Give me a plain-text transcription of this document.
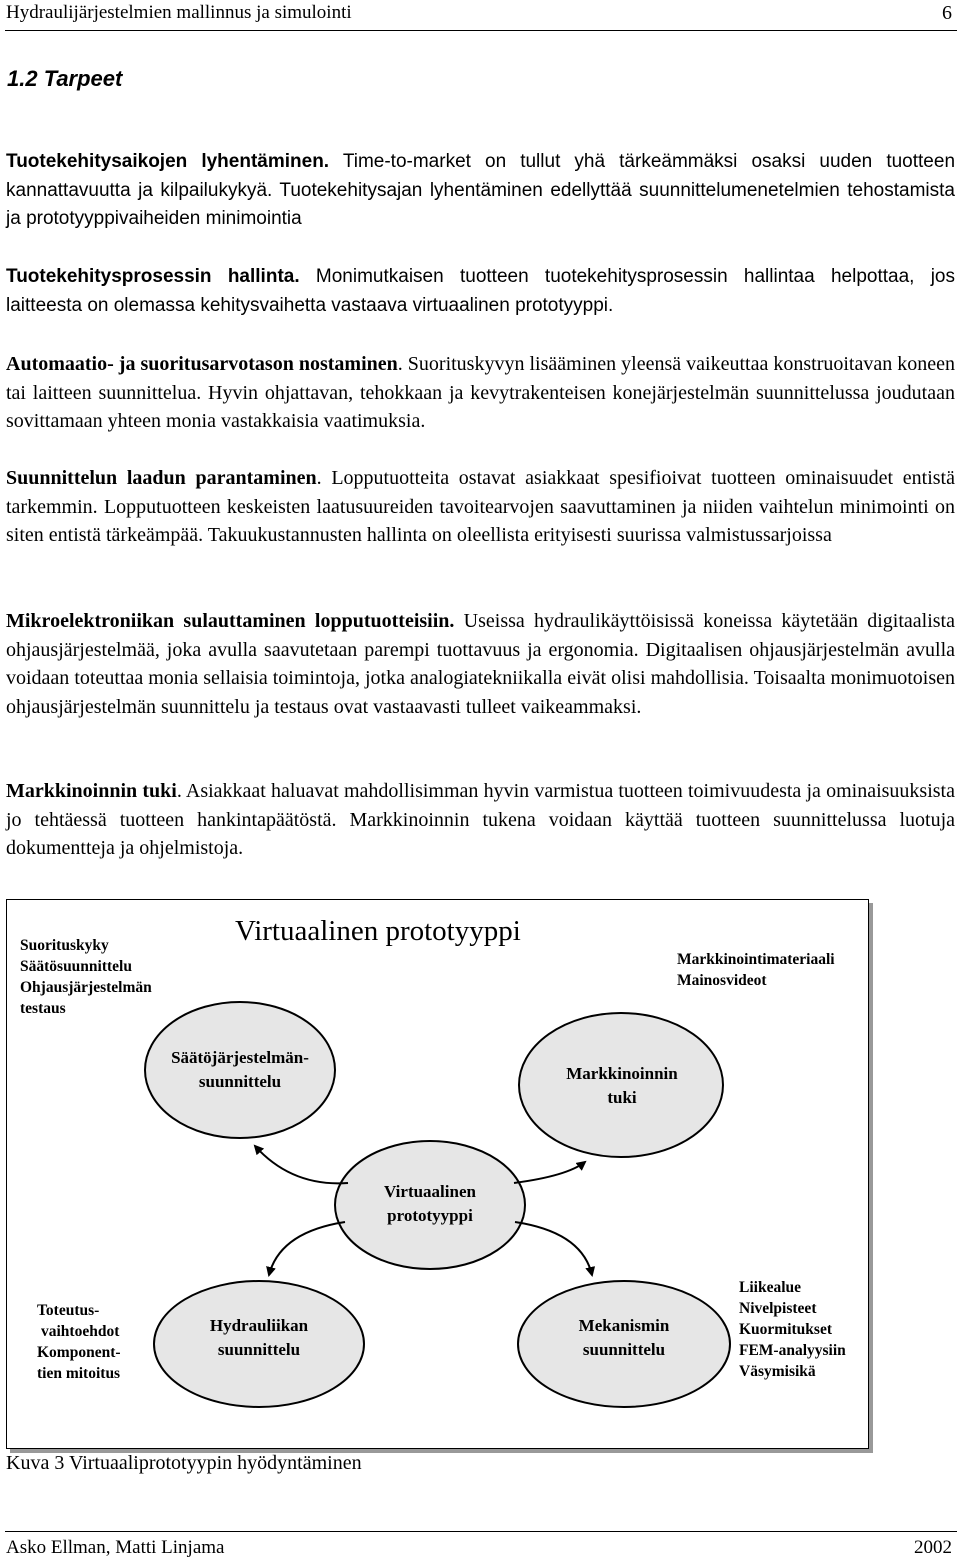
Hydraulijärjestelmien mallinnus ja simulointi	6
1.2 Tarpeet

Tuotekehitysaikojen lyhentäminen. Time-to-market on tullut yhä tärkeämmäksi osaksi uuden tuotteen kannattavuutta ja kilpailukykyä. Tuotekehitysajan lyhentäminen edellyttää suunnittelumenetelmien tehostamista ja prototyyppivaiheiden minimointia

Tuotekehitysprosessin hallinta. Monimutkaisen tuotteen tuotekehitysprosessin hallintaa helpottaa, jos laitteesta on olemassa kehitysvaihetta vastaava virtuaalinen prototyyppi.

Automaatio- ja suoritusarvotason nostaminen. Suorituskyvyn lisääminen yleensä vaikeuttaa konstruoitavan koneen tai laitteen suunnittelua. Hyvin ohjattavan, tehokkaan ja kevytrakenteisen konejärjestelmän suunnittelussa joudutaan sovittamaan yhteen monia vastakkaisia vaatimuksia.

Suunnittelun laadun parantaminen. Lopputuotteita ostavat asiakkaat spesifioivat tuotteen ominaisuudet entistä tarkemmin. Lopputuotteen keskeisten laatusuureiden tavoitearvojen saavuttaminen ja niiden vaihtelun minimointi on siten entistä tärkeämpää. Takuukustannusten hallinta on oleellista erityisesti suurissa valmistussarjoissa

Mikroelektroniikan sulauttaminen lopputuotteisiin. Useissa hydraulikäyttöisissä koneissa käytetään digitaalista ohjausjärjestelmää, joka avulla saavutetaan parempi tuottavuus ja ergonomia. Digitaalisen ohjausjärjestelmän avulla voidaan toteuttaa monia sellaisia toimintoja, jotka analogiatekniikalla eivät olisi mahdollisia. Toisaalta monimuotoisen ohjausjärjestelmän suunnittelu ja testaus ovat vastaavasti tulleet vaikeammaksi.

Markkinoinnin tuki. Asiakkaat haluavat mahdollisimman hyvin varmistua tuotteen toimivuudesta ja ominaisuuksista jo tehtäessä tuotteen hankintapäätöstä. Markkinoinnin tukena voidaan käyttää tuotteen suunnittelussa luotuja dokumentteja ja ohjelmistoja.

Virtuaalinen prototyyppi
Suorituskyky
Säätösuunnittelu
Ohjausjärjestelmän
testaus
Markkinointimateriaali
Mainosvideot
Toteutus-
vaihtoehdot
Komponent-
tien mitoitus
Liikealue
Nivelpisteet
Kuormitukset
FEM-analyysiin
Väsymisikä
Säätöjärjestelmän-
suunnittelu	Markkinoinnin
tuki
Virtuaalinen
prototyyppi
Hydrauliikan
suunnittelu
Mekanismin
suunnittelu
Kuva 3 Virtuaaliprototyypin hyödyntäminen
Asko Ellman, Matti Linjama	2002
